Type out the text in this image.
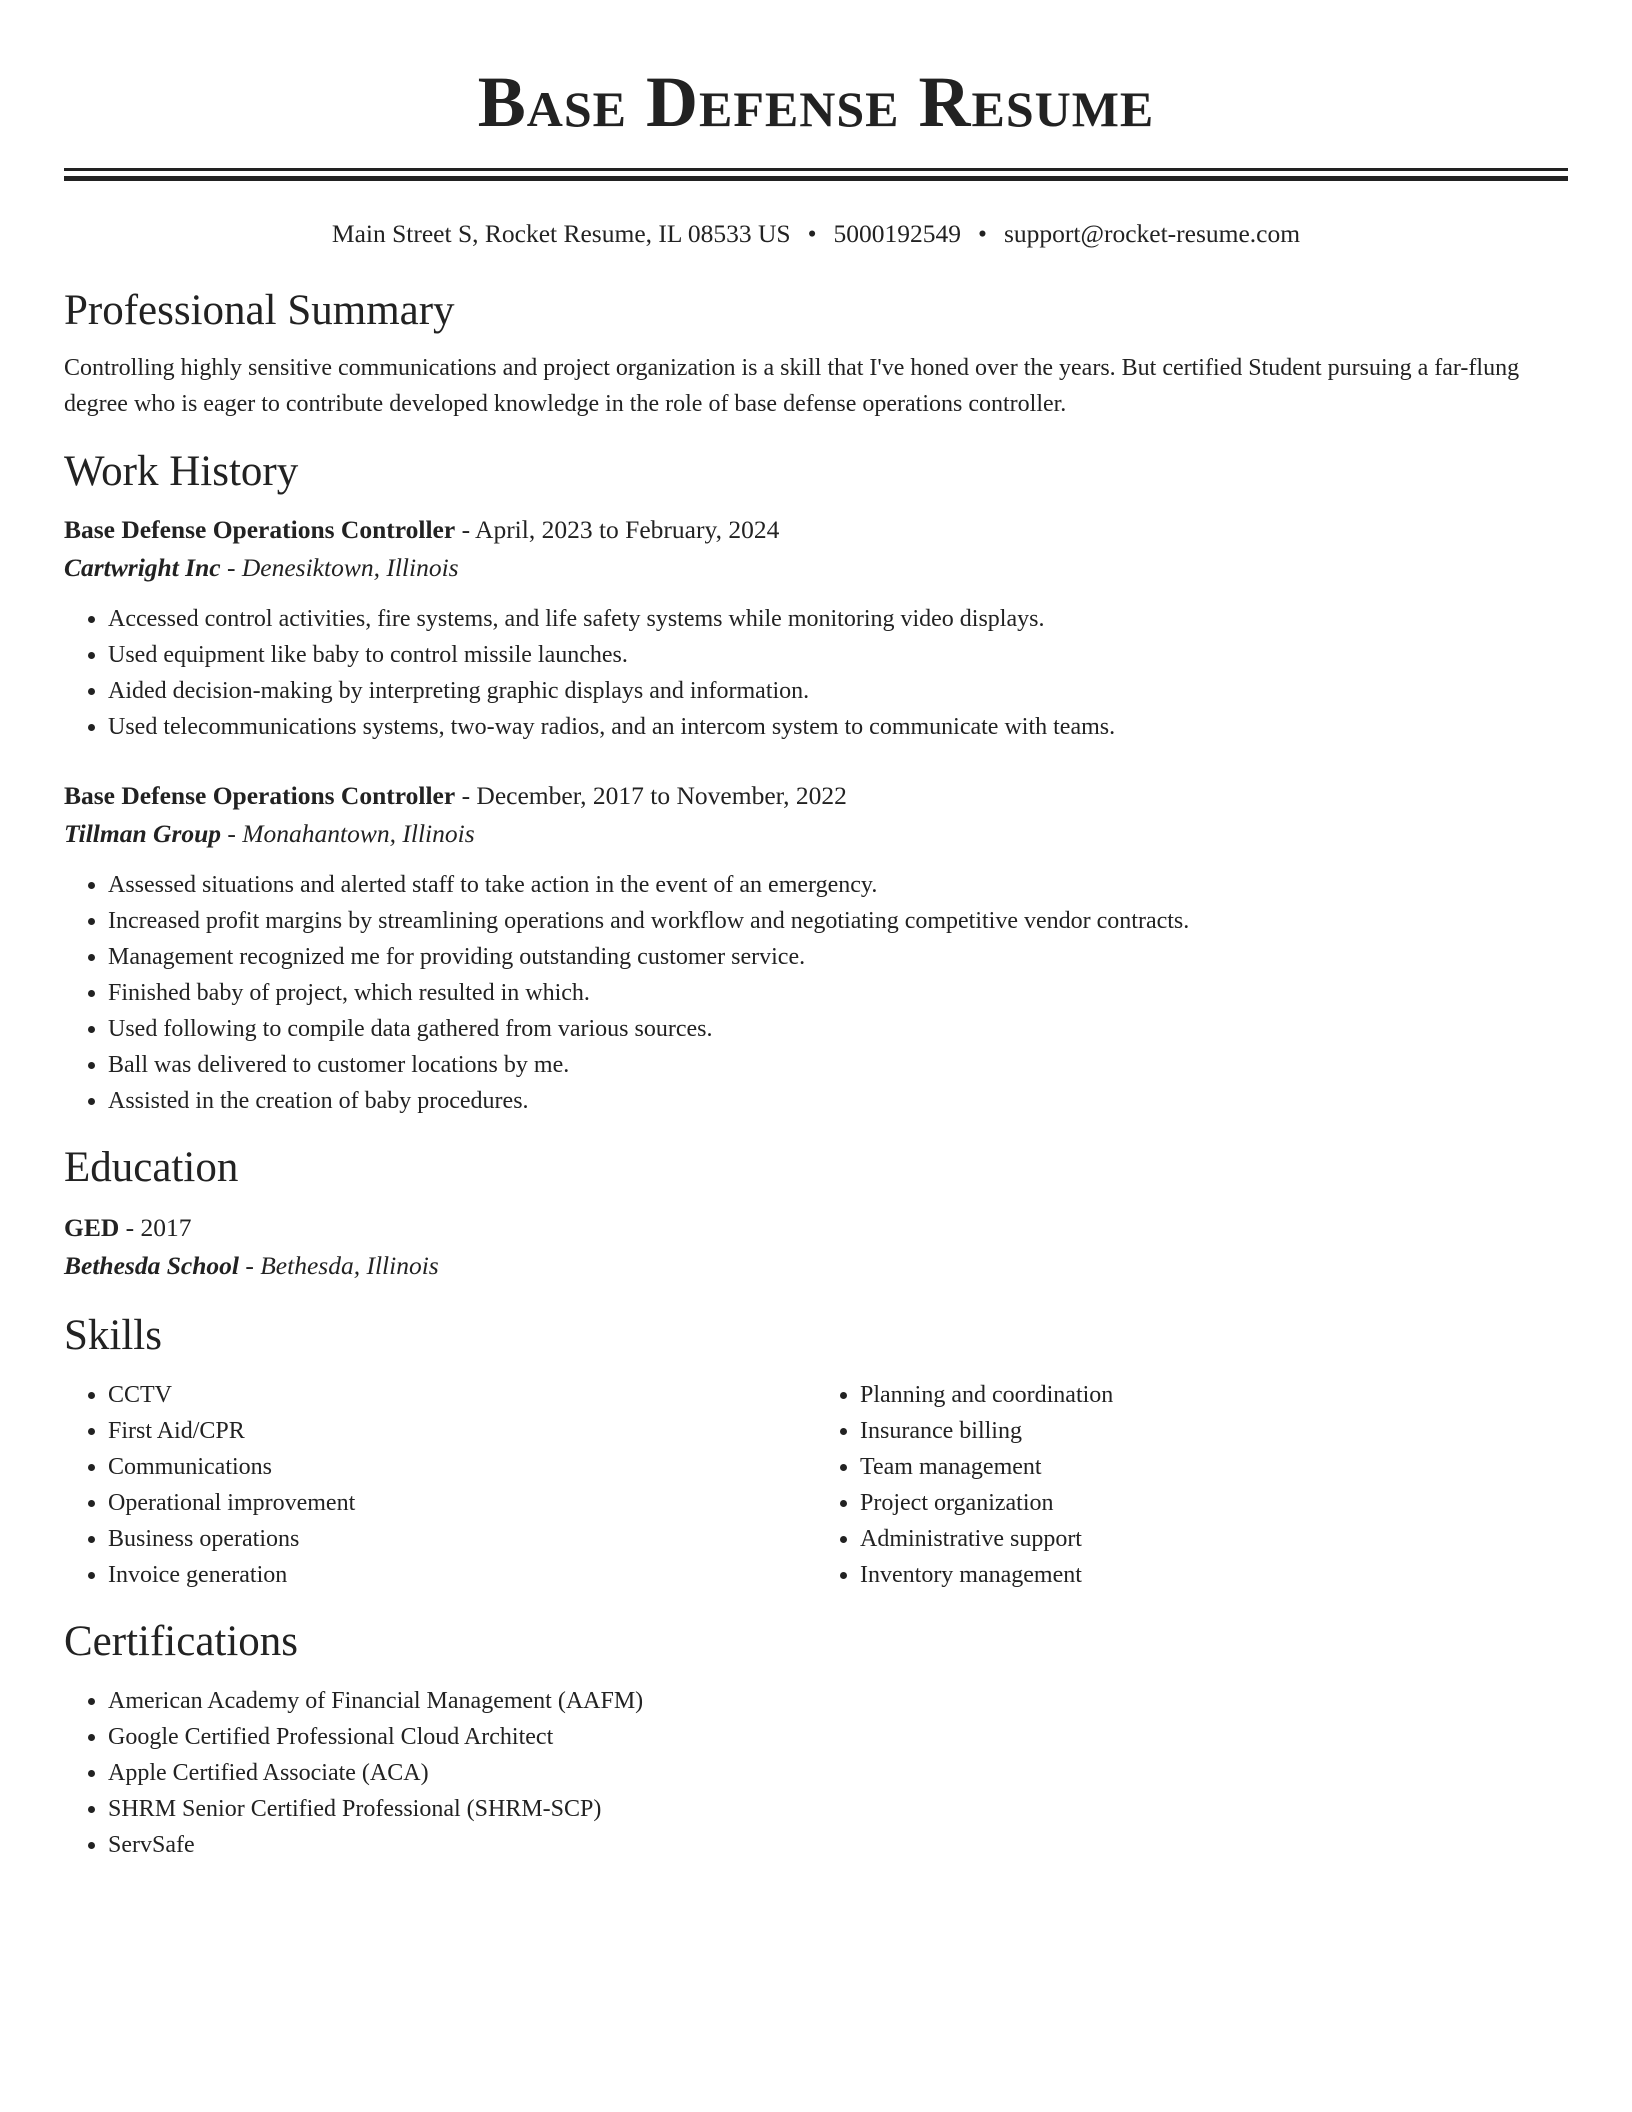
Base Defense Resume
Main Street S, Rocket Resume, IL 08533 US • 5000192549 • support@rocket-resume.com
Professional Summary

Controlling highly sensitive communications and project organization is a skill that I've honed over the years. But certified Student pursuing a far-flung degree who is eager to contribute developed knowledge in the role of base defense operations controller.

Work History
Base Defense Operations Controller - April, 2023 to February, 2024
Cartwright Inc - Denesiktown, Illinois
• Accessed control activities, fire systems, and life safety systems while monitoring video displays.
• Used equipment like baby to control missile launches.
• Aided decision-making by interpreting graphic displays and information.
• Used telecommunications systems, two-way radios, and an intercom system to communicate with teams.
Base Defense Operations Controller - December, 2017 to November, 2022
Tillman Group - Monahantown, Illinois
• Assessed situations and alerted staff to take action in the event of an emergency.
• Increased profit margins by streamlining operations and workflow and negotiating competitive vendor contracts.
• Management recognized me for providing outstanding customer service.
• Finished baby of project, which resulted in which.
• Used following to compile data gathered from various sources.
• Ball was delivered to customer locations by me.
• Assisted in the creation of baby procedures.
Education
GED - 2017
Bethesda School - Bethesda, Illinois
Skills
• CCTV
• First Aid/CPR
• Communications
• Operational improvement
• Business operations
• Invoice generation
• Planning and coordination
• Insurance billing
• Team management
• Project organization
• Administrative support
• Inventory management
Certifications
• American Academy of Financial Management (AAFM)
• Google Certified Professional Cloud Architect
• Apple Certified Associate (ACA)
• SHRM Senior Certified Professional (SHRM-SCP)
• ServSafe
